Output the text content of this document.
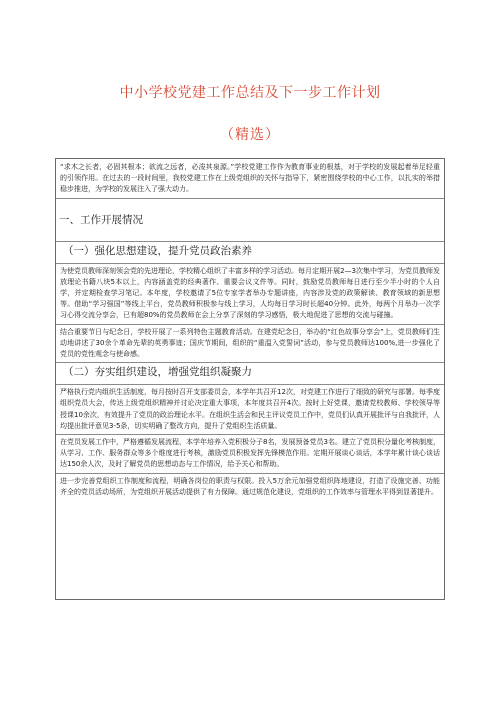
中小学校党建工作总结及下一步工作计划
（精选）

“求木之长者，必固其根本；欲流之远者，必浚其泉源。”学校党建工作作为教育事业的根基，对于学校的发展起着举足轻重的引领作用。在过去的一段时间里，我校党建工作在上级党组织的关怀与指导下，紧密围绕学校的中心工作，以扎实的举措稳步推进，为学校的发展注入了强大动力。

一、工作开展情况
（一）强化思想建设，提升党员政治素养

为使党员教师深刻领会党的先进理论，学校精心组织了丰富多样的学习活动。每月定期开展2—3次集中学习，为党员教师发放理论书籍八块5本以上，内容涵盖党的经典著作、重要会议文件等。同时，鼓励党员教师每日进行至少半小时的个人自学，并定期检查学习笔记。本年度，学校邀请了5位专家学者举办专题讲座，内容涉及党的政策解读、教育领域的新思想等。借助“学习强国”等线上平台，党员教师积极参与线上学习，人均每日学习时长超40分钟。此外，每两个月举办一次学习心得交流分享会，已有超80%的党员教师在会上分享了深刻的学习感悟，极大地促进了思想的交流与碰撞。

结合重要节日与纪念日，学校开展了一系列特色主题教育活动。在建党纪念日，举办的“红色故事分享会”上，党员教师们生动地讲述了30余个革命先辈的英勇事迹；国庆节期间，组织的“重温入党誓词”活动，参与党员教师达100%,进一步强化了党员的党性观念与使命感。

（二）夯实组织建设，增强党组织凝聚力

严格执行党内组织生活制度，每月按时召开支部委员会，本学年共召开12次，对党建工作进行了细致的研究与部署。每季度组织党员大会，传达上级党组织精神并讨论决定重大事项，本年度共召开4次。按时上好党课，邀请党校教师、学校领导等授课10余次，有效提升了党员的政治理论水平。在组织生活会和民主评议党员工作中，党员们认真开展批评与自我批评，人均提出批评意见3-5条，切实明确了整改方向，提升了党组织生活质量。

在党员发展工作中，严格遵循发展流程，本学年培养入党积极分子8名，发展预备党员3名。建立了党员积分量化考核制度，从学习、工作、服务群众等多个维度进行考核，激励党员积极发挥先锋模范作用。定期开展谈心谈话，本学年累计谈心谈话达150余人次，及时了解党员的思想动态与工作情况，给予关心和帮助。

进一步完善党组织工作制度和流程，明确各岗位的职责与权限。投入5万余元加强党组织阵地建设，打造了设施完善、功能齐全的党员活动场所，为党组织开展活动提供了有力保障。通过规范化建设，党组织的工作效率与管理水平得到显著提升。
